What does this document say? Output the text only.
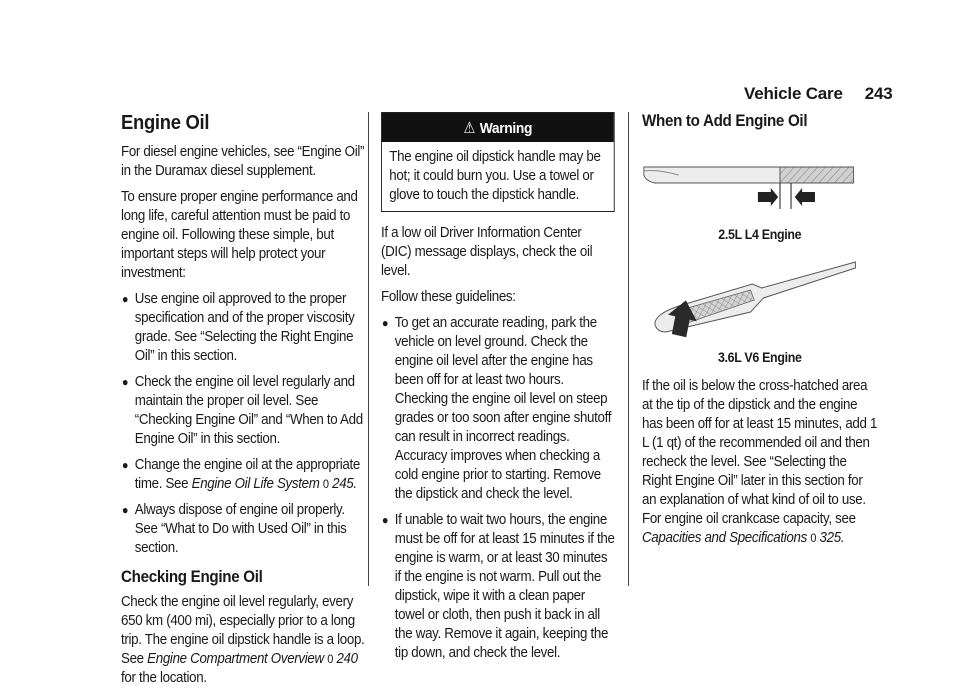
Vehicle Care 243
Engine Oil

For diesel engine vehicles, see “Engine Oil” in the Duramax diesel supplement.

To ensure proper engine performance and long life, careful attention must be paid to engine oil. Following these simple, but important steps will help protect your investment:

● Use engine oil approved to the proper specification and of the proper viscosity grade. See “Selecting the Right Engine Oil” in this section.
● Check the engine oil level regularly and maintain the proper oil level. See “Checking Engine Oil” and “When to Add Engine Oil” in this section.
● Change the engine oil at the appropriate time. See Engine Oil Life System 0 245.
● Always dispose of engine oil properly. See “What to Do with Used Oil” in this section.
Checking Engine Oil

Check the engine oil level regularly, every 650 km (400 mi), especially prior to a long trip. The engine oil dipstick handle is a loop. See Engine Compartment Overview 0 240
for the location.

⚠ Warning
The engine oil dipstick handle may be hot; it could burn you. Use a towel or glove to touch the dipstick handle.

If a low oil Driver Information Center (DIC) message displays, check the oil level.

Follow these guidelines:

● To get an accurate reading, park the vehicle on level ground. Check the engine oil level after the engine has been off for at least two hours. Checking the engine oil level on steep grades or too soon after engine shutoff can result in incorrect readings. Accuracy improves when checking a cold engine prior to starting. Remove the dipstick and check the level.
● If unable to wait two hours, the engine must be off for at least 15 minutes if the engine is warm, or at least 30 minutes if the engine is not warm. Pull out the dipstick, wipe it with a clean paper towel or cloth, then push it back in all the way. Remove it again, keeping the tip down, and check the level.
When to Add Engine Oil
2.5L L4 Engine
3.6L V6 Engine

If the oil is below the cross-hatched area at the tip of the dipstick and the engine has been off for at least 15 minutes, add 1 L (1 qt) of the recommended oil and then recheck the level. See “Selecting the Right Engine Oil” later in this section for an explanation of what kind of oil to use. For engine oil crankcase capacity, see Capacities and Specifications 0 325.
